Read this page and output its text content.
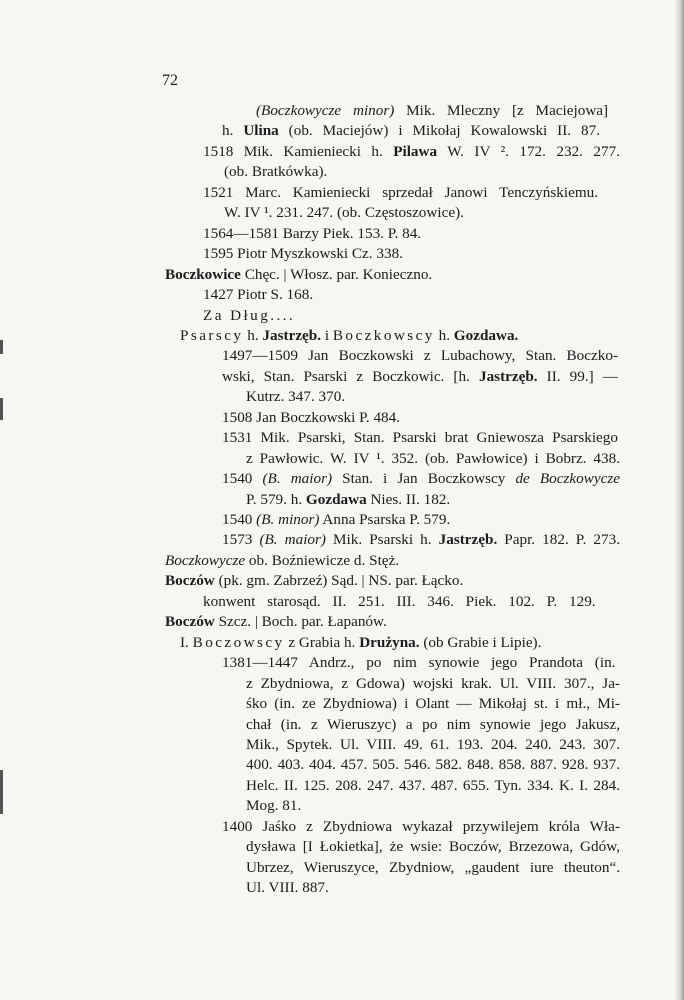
72
(Boczkowycze minor) Mik. Mleczny [z Maciejowa]
h. Ulina (ob. Maciejów) i Mikołaj Kowalowski II. 87.
1518 Mik. Kamieniecki h. Pilawa W. IV ². 172. 232. 277.
(ob. Bratkówka).
1521 Marc. Kamieniecki sprzedał Janowi Tenczyńskiemu.
W. IV ¹. 231. 247. (ob. Częstoszowice).
1564—1581 Barzy Piek. 153. P. 84.
1595 Piotr Myszkowski Cz. 338.
Boczkowice Chęc. | Włosz. par. Konieczno.
1427 Piotr S. 168.
Za Dług....
Psarscy h. Jastrzęb. i Boczkowscy h. Gozdawa.
1497—1509 Jan Boczkowski z Lubachowy, Stan. Boczko-
wski, Stan. Psarski z Boczkowic. [h. Jastrzęb. II. 99.] —
Kutrz. 347. 370.
1508 Jan Boczkowski P. 484.
1531 Mik. Psarski, Stan. Psarski brat Gniewosza Psarskiego
z Pawłowic. W. IV ¹. 352. (ob. Pawłowice) i Bobrz. 438.
1540 (B. maior) Stan. i Jan Boczkowscy de Boczkowycze
P. 579. h. Gozdawa Nies. II. 182.
1540 (B. minor) Anna Psarska P. 579.
1573 (B. maior) Mik. Psarski h. Jastrzęb. Papr. 182. P. 273.
Boczkowycze ob. Boźniewicze d. Stęż.
Boczów (pk. gm. Zabrzeź) Sąd. | NS. par. Łącko.
konwent starosąd. II. 251. III. 346. Piek. 102. P. 129.
Boczów Szcz. | Boch. par. Łapanów.
I. Boczowscy z Grabia h. Drużyna. (ob Grabie i Lipie).
1381—1447 Andrz., po nim synowie jego Prandota (in.
z Zbydniowa, z Gdowa) wojski krak. Ul. VIII. 307., Ja-
śko (in. ze Zbydniowa) i Olant — Mikołaj st. i mł., Mi-
chał (in. z Wieruszyc) a po nim synowie jego Jakusz,
Mik., Spytek. Ul. VIII. 49. 61. 193. 204. 240. 243. 307.
400. 403. 404. 457. 505. 546. 582. 848. 858. 887. 928. 937.
Helc. II. 125. 208. 247. 437. 487. 655. Tyn. 334. K. I. 284.
Mog. 81.
1400 Jaśko z Zbydniowa wykazał przywilejem króla Wła-
dysława [I Łokietka], że wsie: Boczów, Brzezowa, Gdów,
Ubrzez, Wieruszyce, Zbydniow, „gaudent iure theuton“.
Ul. VIII. 887.
